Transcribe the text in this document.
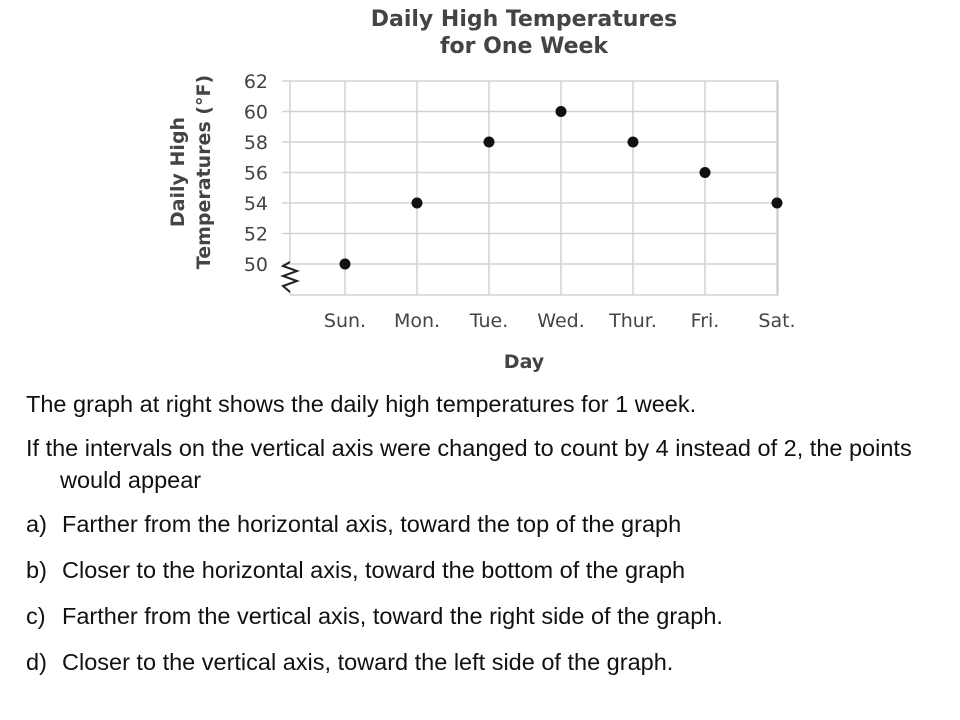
50
52
54
56
58
60
62
Sun. Mon. Tue. Wed. Thur. Fri. Sat.
Daily High Temperatures
for One Week
Day
Daily High Temperatures (°F)

The graph at right shows the daily high temperatures for 1 week.

If the intervals on the vertical axis were changed to count by 4 instead of 2, the points would appear

a) Farther from the horizontal axis, toward the top of the graph
b) Closer to the horizontal axis, toward the bottom of the graph
c) Farther from the vertical axis, toward the right side of the graph.
d) Closer to the vertical axis, toward the left side of the graph.
